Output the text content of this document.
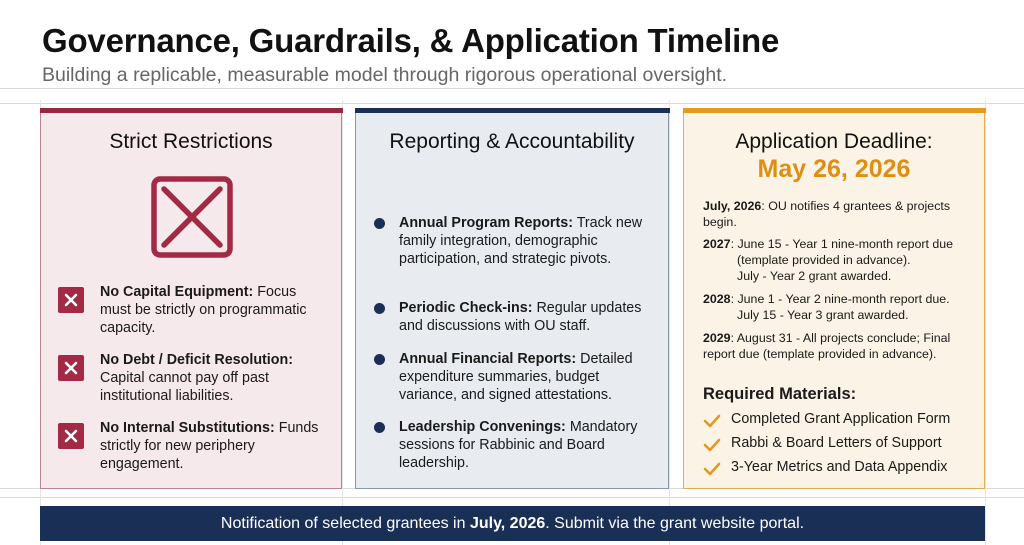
Governance, Guardrails, & Application Timeline
Building a replicable, measurable model through rigorous operational oversight.
Strict Restrictions
No Capital Equipment: Focus must be strictly on programmatic capacity.
No Debt / Deficit Resolution: Capital cannot pay off past institutional liabilities.
No Internal Substitutions: Funds strictly for new periphery engagement.
Reporting & Accountability
Annual Program Reports: Track new family integration, demographic participation, and strategic pivots.
Periodic Check-ins: Regular updates and discussions with OU staff.
Annual Financial Reports: Detailed expenditure summaries, budget variance, and signed attestations.
Leadership Convenings: Mandatory sessions for Rabbinic and Board leadership.
Application Deadline:
May 26, 2026
July, 2026: OU notifies 4 grantees & projects begin.
2027: June 15 - Year 1 nine-month report due
(template provided in advance).
July - Year 2 grant awarded.
2028: June 1 - Year 2 nine-month report due.
July 15 - Year 3 grant awarded.
2029: August 31 - All projects conclude; Final report due (template provided in advance).
Required Materials:
Completed Grant Application Form
Rabbi & Board Letters of Support
3-Year Metrics and Data Appendix
Notification of selected grantees in July, 2026. Submit via the grant website portal.
